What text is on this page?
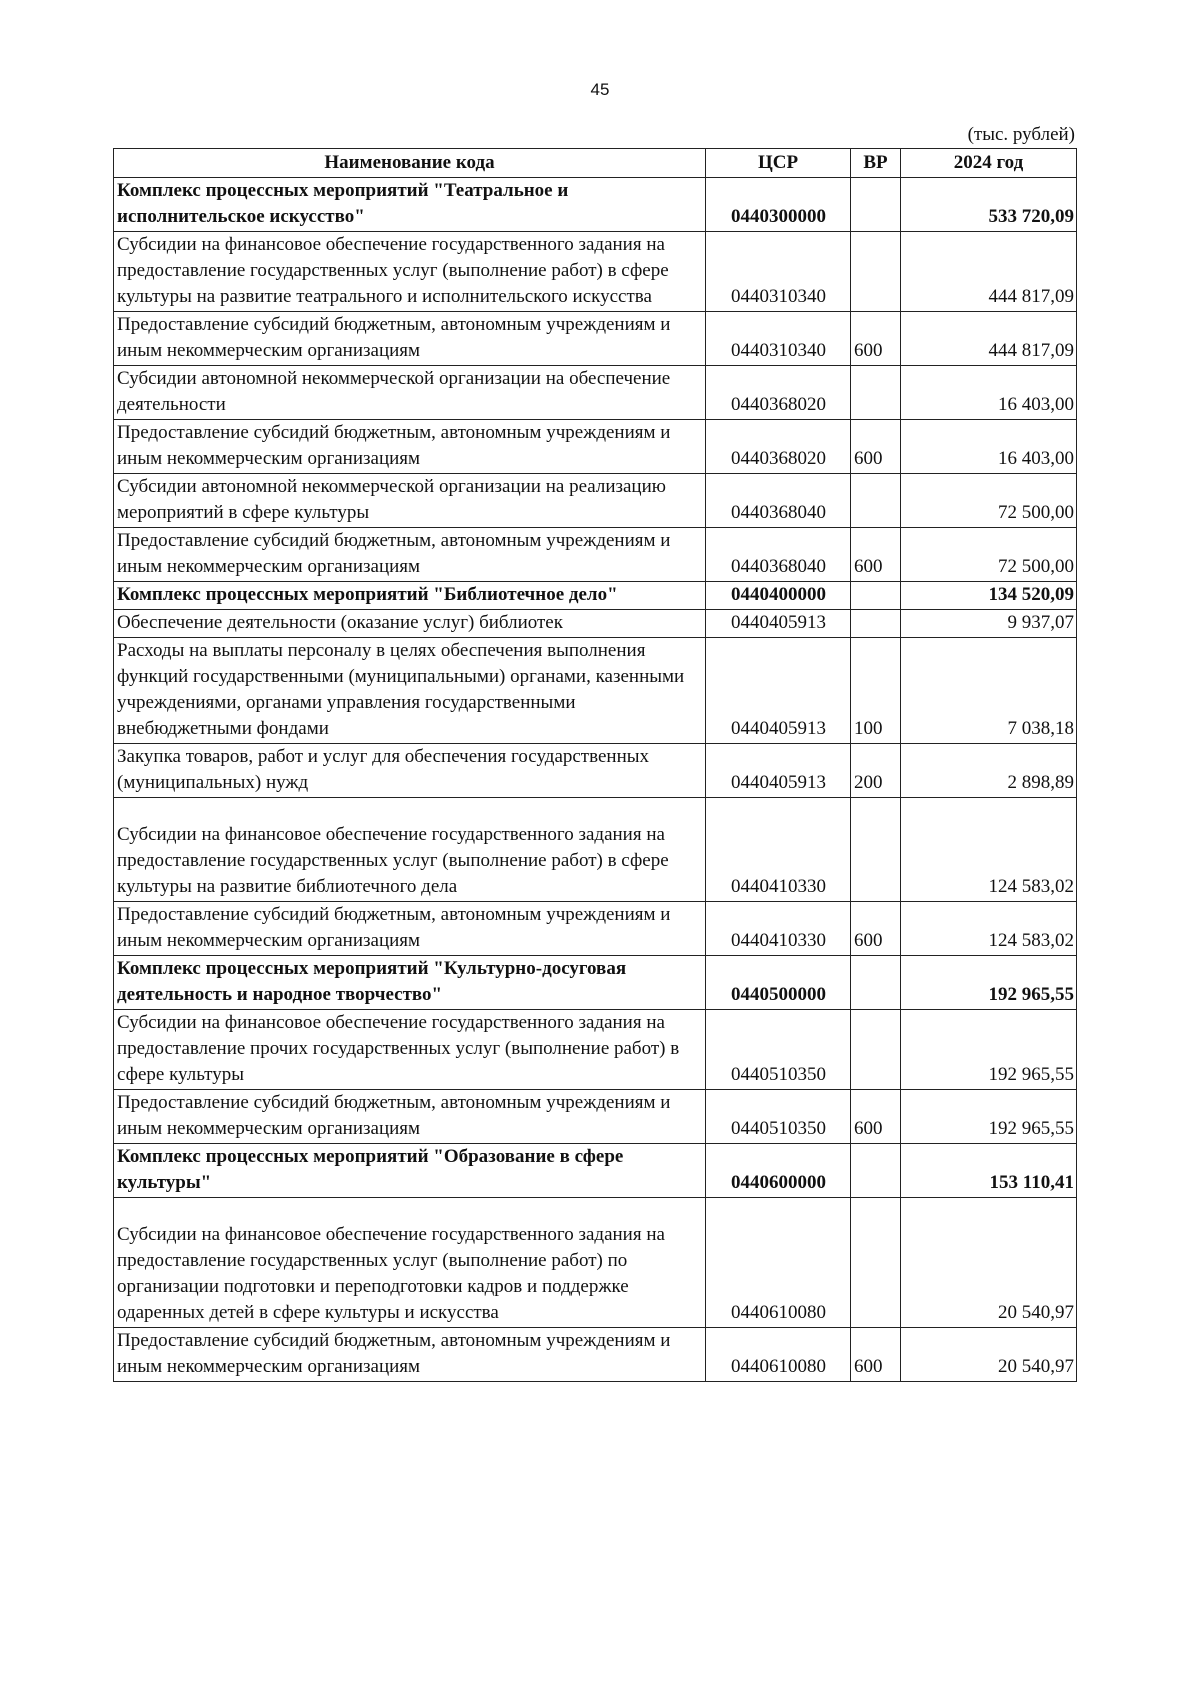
45
(тыс. рублей)
Наименование кода	ЦСР	ВР	2024 год
Комплекс процессных мероприятий "Театральное и исполнительское искусство"	0440300000		533 720,09
Субсидии на финансовое обеспечение государственного задания на предоставление государственных услуг (выполнение работ) в сфере культуры на развитие театрального и исполнительского искусства	0440310340		444 817,09
Предоставление субсидий бюджетным, автономным учреждениям и иным некоммерческим организациям	0440310340	600	444 817,09
Субсидии автономной некоммерческой организации на обеспечение деятельности	0440368020		16 403,00
Предоставление субсидий бюджетным, автономным учреждениям и иным некоммерческим организациям	0440368020	600	16 403,00
Субсидии автономной некоммерческой организации на реализацию мероприятий в сфере культуры	0440368040		72 500,00
Предоставление субсидий бюджетным, автономным учреждениям и иным некоммерческим организациям	0440368040	600	72 500,00
Комплекс процессных мероприятий "Библиотечное дело"	0440400000		134 520,09
Обеспечение деятельности (оказание услуг) библиотек	0440405913		9 937,07
Расходы на выплаты персоналу в целях обеспечения выполнения функций государственными (муниципальными) органами, казенными учреждениями, органами управления государственными внебюджетными фондами	0440405913	100	7 038,18
Закупка товаров, работ и услуг для обеспечения государственных (муниципальных) нужд	0440405913	200	2 898,89
Субсидии на финансовое обеспечение государственного задания на предоставление государственных услуг (выполнение работ) в сфере культуры на развитие библиотечного дела	0440410330		124 583,02
Предоставление субсидий бюджетным, автономным учреждениям и иным некоммерческим организациям	0440410330	600	124 583,02
Комплекс процессных мероприятий "Культурно-досуговая деятельность и народное творчество"	0440500000		192 965,55
Субсидии на финансовое обеспечение государственного задания на предоставление прочих государственных услуг (выполнение работ) в сфере культуры	0440510350		192 965,55
Предоставление субсидий бюджетным, автономным учреждениям и иным некоммерческим организациям	0440510350	600	192 965,55
Комплекс процессных мероприятий "Образование в сфере культуры"	0440600000		153 110,41
Субсидии на финансовое обеспечение государственного задания на предоставление государственных услуг (выполнение работ) по организации подготовки и переподготовки кадров и поддержке одаренных детей в сфере культуры и искусства	0440610080		20 540,97
Предоставление субсидий бюджетным, автономным учреждениям и иным некоммерческим организациям	0440610080	600	20 540,97
